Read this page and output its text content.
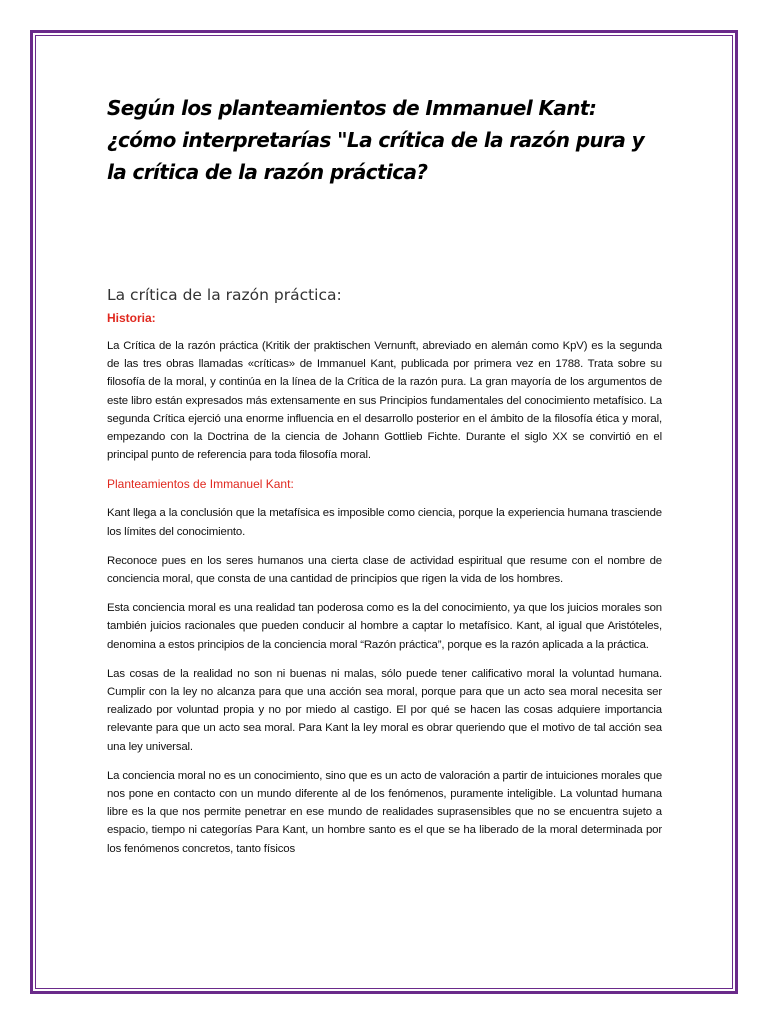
Según los planteamientos de Immanuel Kant: ¿cómo interpretarías "La crítica de la razón pura y la crítica de la razón práctica?
La crítica de la razón práctica:

Historia:

La Crítica de la razón práctica (Kritik der praktischen Vernunft, abreviado en alemán como KpV) es la segunda de las tres obras llamadas «críticas» de Immanuel Kant, publicada por primera vez en 1788. Trata sobre su filosofía de la moral, y continúa en la línea de la Crítica de la razón pura. La gran mayoría de los argumentos de este libro están expresados más extensamente en sus Principios fundamentales del conocimiento metafísico. La segunda Crítica ejerció una enorme influencia en el desarrollo posterior en el ámbito de la filosofía ética y moral, empezando con la Doctrina de la ciencia de Johann Gottlieb Fichte. Durante el siglo XX se convirtió en el principal punto de referencia para toda filosofía moral.

Planteamientos de Immanuel Kant:

Kant llega a la conclusión que la metafísica es imposible como ciencia, porque la experiencia humana trasciende los límites del conocimiento.

Reconoce pues en los seres humanos una cierta clase de actividad espiritual que resume con el nombre de conciencia moral, que consta de una cantidad de principios que rigen la vida de los hombres.

Esta conciencia moral es una realidad tan poderosa como es la del conocimiento, ya que los juicios morales son también juicios racionales que pueden conducir al hombre a captar lo metafísico. Kant, al igual que Aristóteles, denomina a estos principios de la conciencia moral “Razón práctica”, porque es la razón aplicada a la práctica.

Las cosas de la realidad no son ni buenas ni malas, sólo puede tener calificativo moral la voluntad humana. Cumplir con la ley no alcanza para que una acción sea moral, porque para que un acto sea moral necesita ser realizado por voluntad propia y no por miedo al castigo. El por qué se hacen las cosas adquiere importancia relevante para que un acto sea moral. Para Kant la ley moral es obrar queriendo que el motivo de tal acción sea una ley universal.

La conciencia moral no es un conocimiento, sino que es un acto de valoración a partir de intuiciones morales que nos pone en contacto con un mundo diferente al de los fenómenos, puramente inteligible. La voluntad humana libre es la que nos permite penetrar en ese mundo de realidades suprasensibles que no se encuentra sujeto a espacio, tiempo ni categorías Para Kant, un hombre santo es el que se ha liberado de la moral determinada por los fenómenos concretos, tanto físicos
